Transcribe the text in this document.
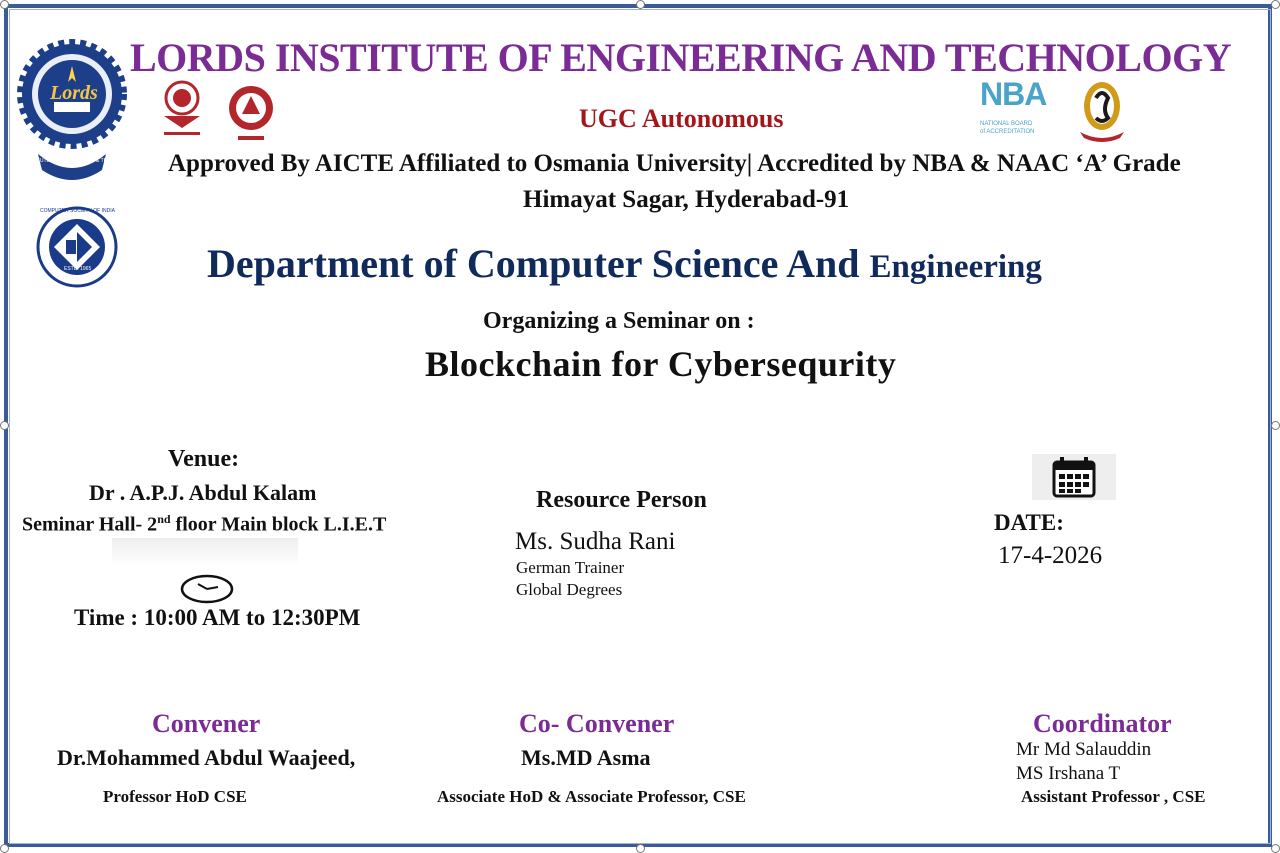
Lords
INSTITUTE OF ENGINEERING & TECHNOLOGY
LORDS INSTITUTE OF ENGINEERING AND TECHNOLOGY
UGC Autonomous
NBA
NATIONAL BOARD of ACCREDITATION
Approved By AICTE Affiliated to Osmania University| Accredited by NBA & NAAC ‘A’ Grade
Himayat Sagar, Hyderabad-91
COMPUTER SOCIETY OF INDIA
ESTD. 1965	Department of Computer Science And Engineering
Organizing a Seminar on :
Blockchain for Cybersequrity
Venue:
Dr . A.P.J. Abdul Kalam
Seminar Hall- 2nd floor Main block L.I.E.T
Time : 10:00 AM to 12:30PM
Resource Person
Ms. Sudha Rani
German Trainer
Global Degrees
DATE:
17-4-2026
Convener
Dr.Mohammed Abdul Waajeed,
Professor HoD CSE
Co- Convener
Ms.MD Asma
Associate HoD & Associate Professor, CSE
Coordinator
Mr Md Salauddin
MS Irshana T
Assistant Professor , CSE
